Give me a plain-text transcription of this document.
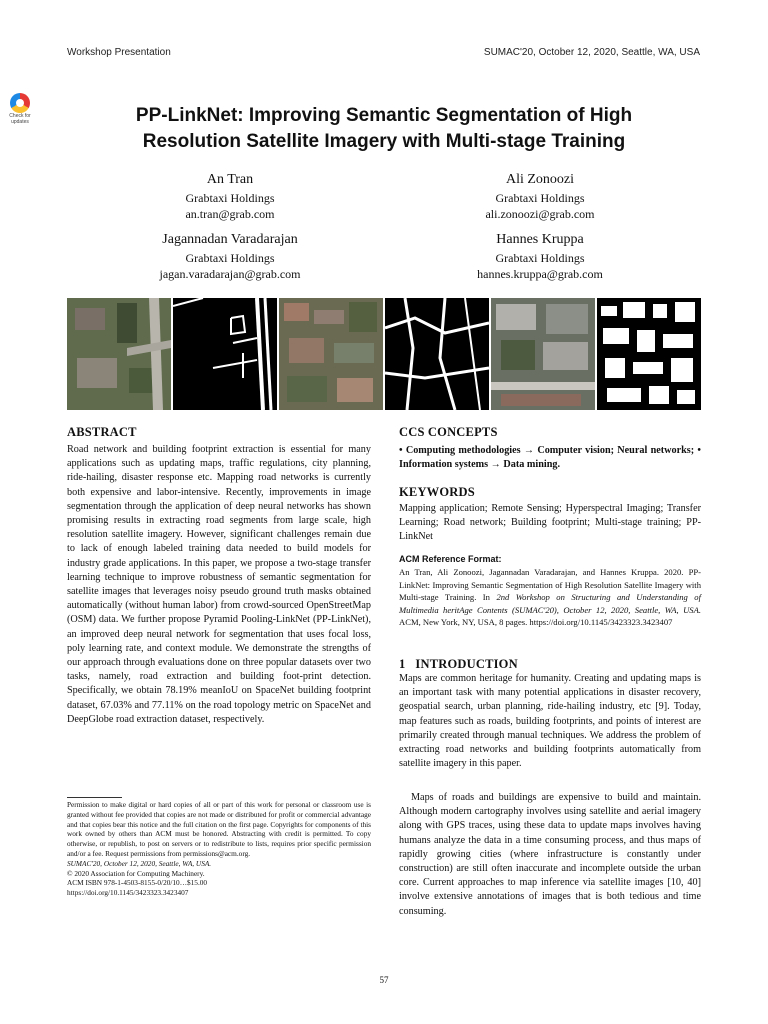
Workshop Presentation	SUMAC'20, October 12, 2020, Seattle, WA, USA
Check for
updates	PP-LinkNet: Improving Semantic Segmentation of High
Resolution Satellite Imagery with Multi-stage Training
An Tran
Grabtaxi Holdings
an.tran@grab.com
Ali Zonoozi
Grabtaxi Holdings
ali.zonoozi@grab.com
Jagannadan Varadarajan
Grabtaxi Holdings
jagan.varadarajan@grab.com
Hannes Kruppa
Grabtaxi Holdings
hannes.kruppa@grab.com
ABSTRACT
Road network and building footprint extraction is essential for many applications such as updating maps, traffic regulations, city planning, ride-hailing, disaster response etc. Mapping road networks is currently both expensive and labor-intensive. Recently, improvements in image segmentation through the application of deep neural networks has shown promising results in extracting road segments from large scale, high resolution satellite imagery. However, significant challenges remain due to lack of enough labeled training data needed to build models for industry grade applications. In this paper, we propose a two-stage transfer learning technique to improve robustness of semantic segmentation for satellite images that leverages noisy pseudo ground truth masks obtained automatically (without human labor) from crowd-sourced OpenStreetMap (OSM) data. We further propose Pyramid Pooling-LinkNet (PP-LinkNet), an improved deep neural network for segmentation that uses focal loss, poly learning rate, and context module. We demonstrate the strengths of our approach through evaluations done on three popular datasets over two tasks, namely, road extraction and building foot-print detection. Specifically, we obtain 78.19% meanIoU on SpaceNet building footprint dataset, 67.03% and 77.11% on the road topology metric on SpaceNet and DeepGlobe road extraction dataset, respectively.
CCS CONCEPTS
• Computing methodologies → Computer vision; Neural networks; • Information systems → Data mining.
KEYWORDS
Mapping application; Remote Sensing; Hyperspectral Imaging; Transfer Learning; Road network; Building footprint; Multi-stage training; PP-LinkNet
ACM Reference Format:
An Tran, Ali Zonoozi, Jagannadan Varadarajan, and Hannes Kruppa. 2020. PP-LinkNet: Improving Semantic Segmentation of High Resolution Satellite Imagery with Multi-stage Training. In 2nd Workshop on Structuring and Understanding of Multimedia heritAge Contents (SUMAC'20), October 12, 2020, Seattle, WA, USA. ACM, New York, NY, USA, 8 pages. https://doi.org/10.1145/3423323.3423407
1   INTRODUCTION
Maps are common heritage for humanity. Creating and updating maps is an important task with many potential applications in disaster recovery, geospatial search, urban planning, ride-hailing industry, etc [9]. Today, map features such as roads, building footprints, and points of interest are primarily created through manual techniques. We address the problem of extracting road networks and building footprints automatically from satellite imagery in this paper.
Maps of roads and buildings are expensive to build and maintain. Although modern cartography involves using satellite and aerial imagery along with GPS traces, using these data to update maps involves having humans analyze the data in a time consuming process, and thus maps of rapidly growing cities (where infrastructure is constantly under construction) are still often inaccurate and incomplete outside the urban core. Current approaches to map inference via satellite images [10, 40] involve extensive annotations of images that is both tedious and time consuming.
Permission to make digital or hard copies of all or part of this work for personal or classroom use is granted without fee provided that copies are not made or distributed for profit or commercial advantage and that copies bear this notice and the full citation on the first page. Copyrights for components of this work owned by others than ACM must be honored. Abstracting with credit is permitted. To copy otherwise, or republish, to post on servers or to redistribute to lists, requires prior specific permission and/or a fee. Request permissions from permissions@acm.org.
SUMAC'20, October 12, 2020, Seattle, WA, USA.
© 2020 Association for Computing Machinery.
ACM ISBN 978-1-4503-8155-0/20/10…$15.00
https://doi.org/10.1145/3423323.3423407
57
